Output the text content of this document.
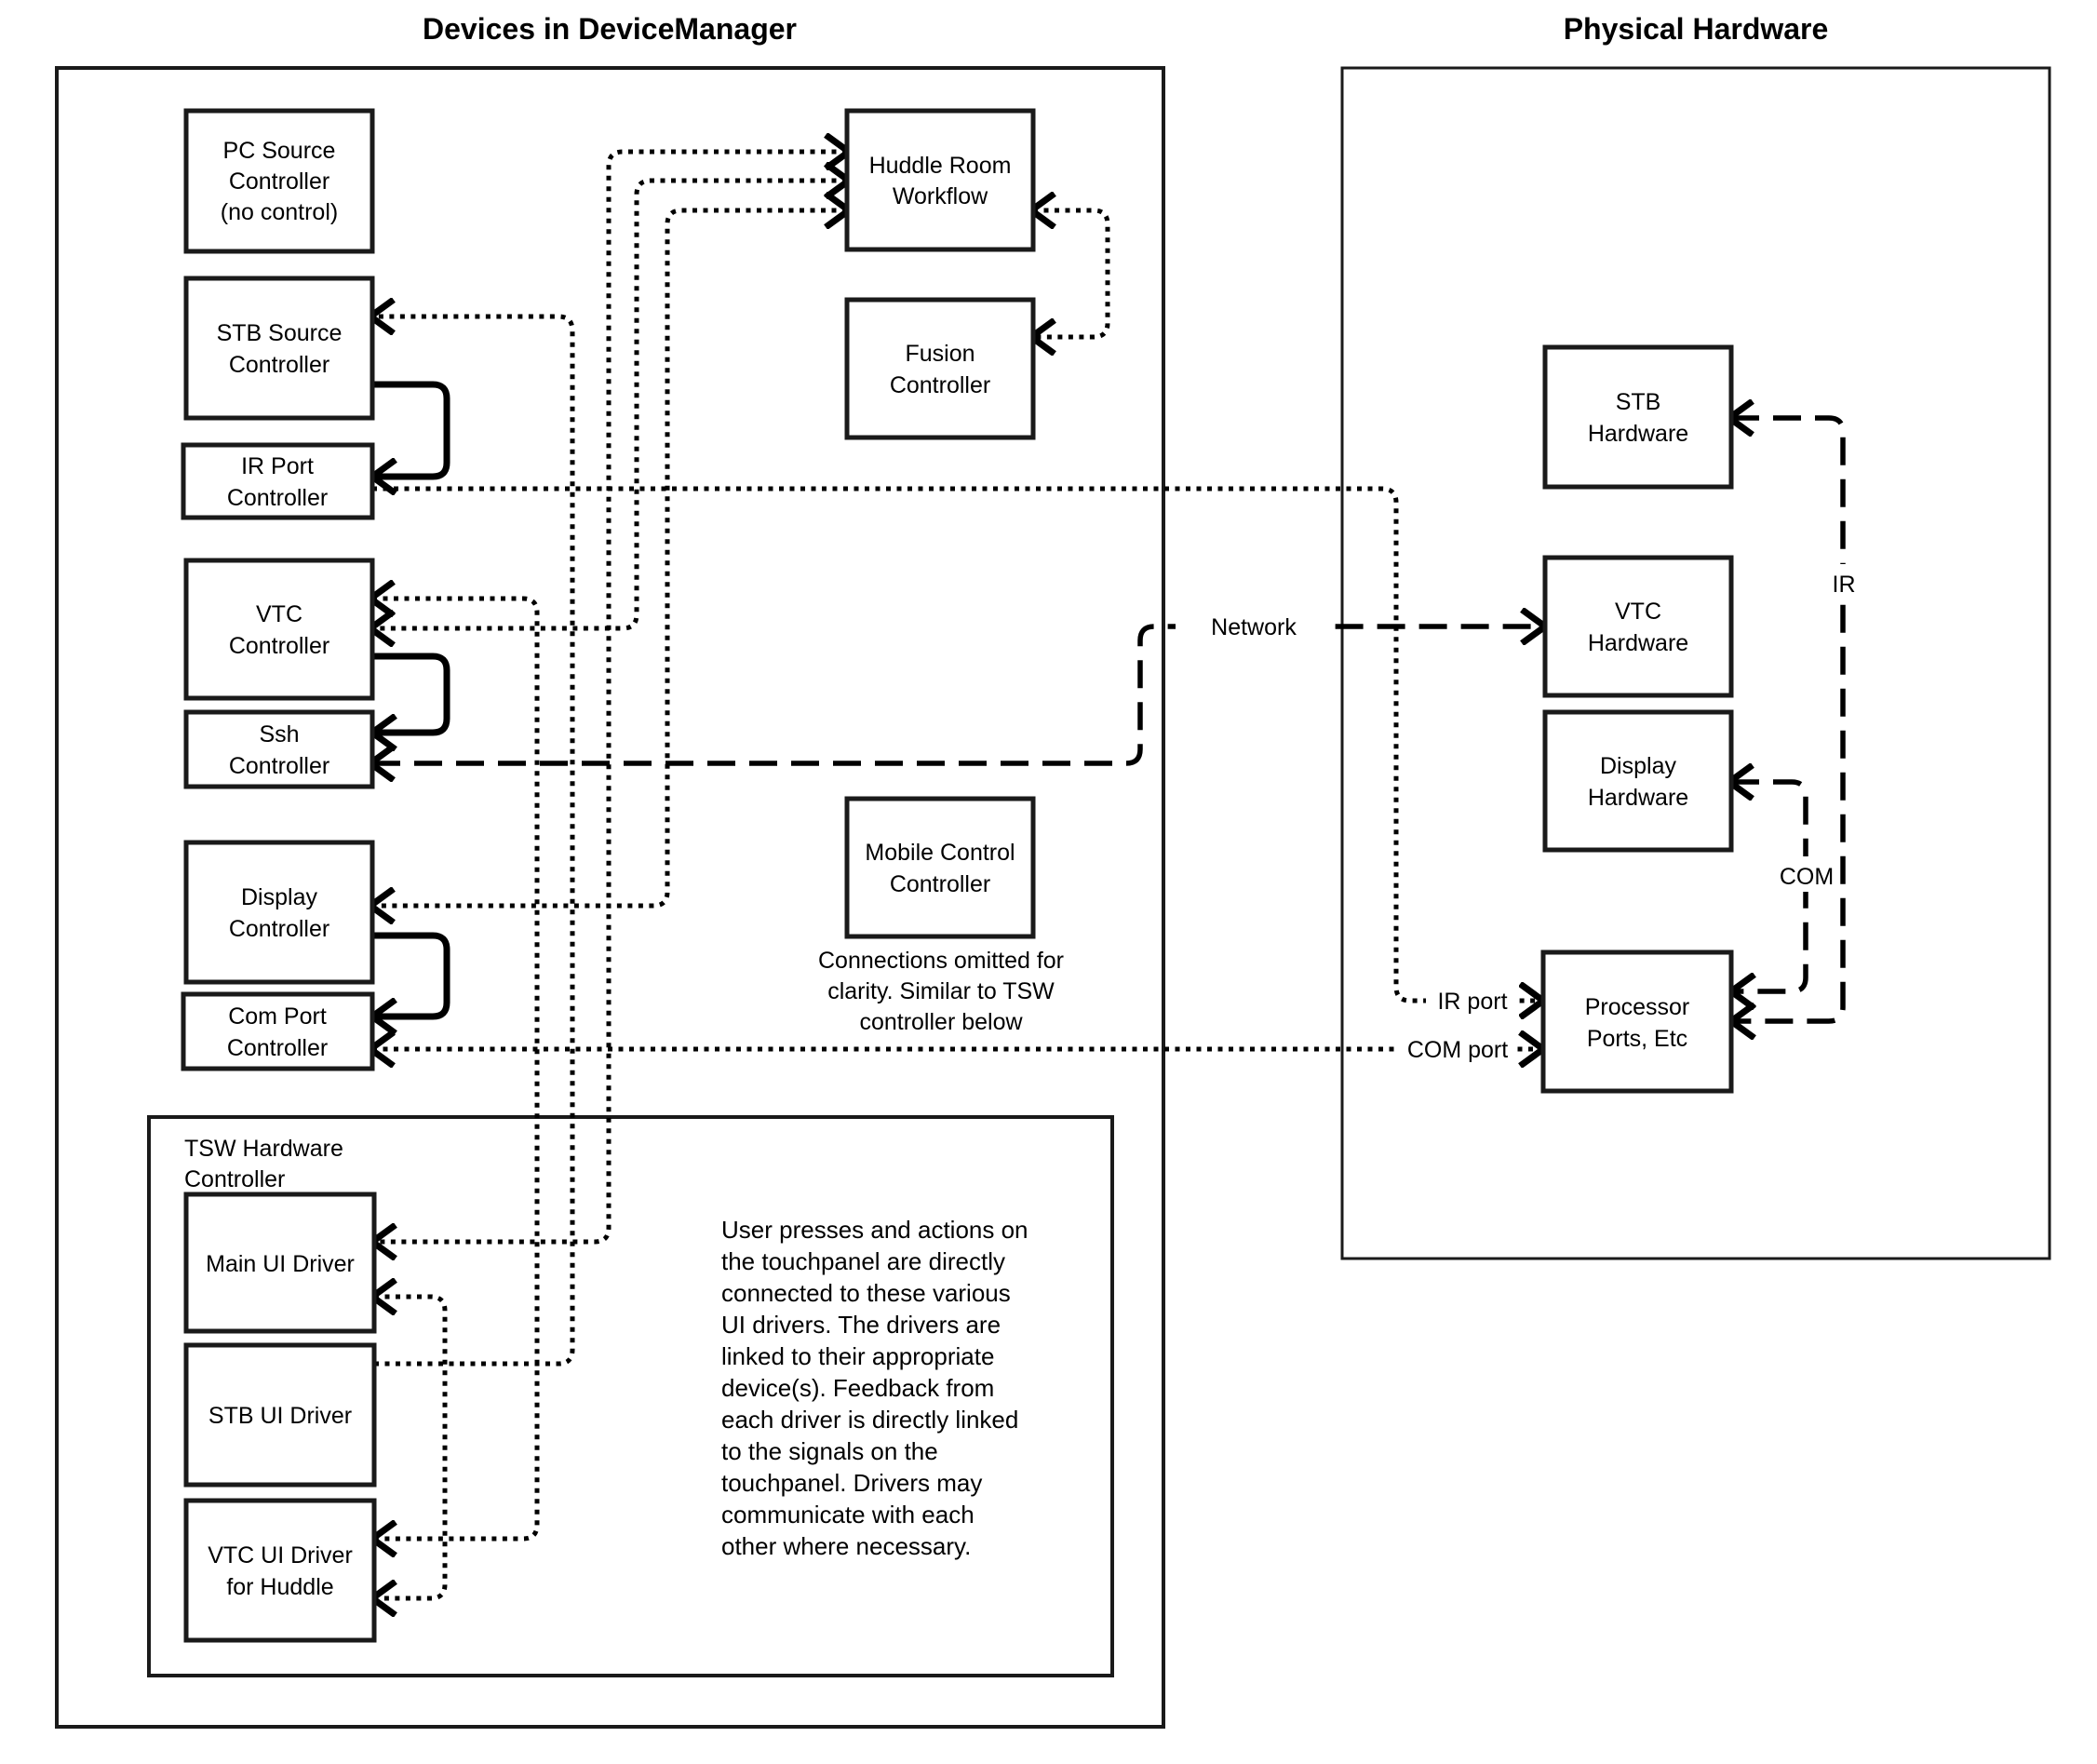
Devices in DeviceManager	Physical Hardware
Network
IR
COM
IR port
COM port
PC Source
Controller
(no control)
STB Source
Controller
IR Port
Controller
VTC
Controller
Ssh
Controller
Display
Controller
Com Port
Controller
Huddle Room
Workflow
Fusion
Controller
Mobile Control
Controller
TSW Hardware
Controller
Main UI Driver
STB UI Driver
VTC UI Driver
for Huddle
STB
Hardware
VTC
Hardware
Display
Hardware
Processor
Ports, Etc
Connections omitted for
clarity. Similar to TSW
controller below
User presses and actions on
the touchpanel are directly
connected to these various
UI drivers. The drivers are
linked to their appropriate
device(s). Feedback from
each driver is directly linked
to the signals on the
touchpanel. Drivers may
communicate with each
other where necessary.
